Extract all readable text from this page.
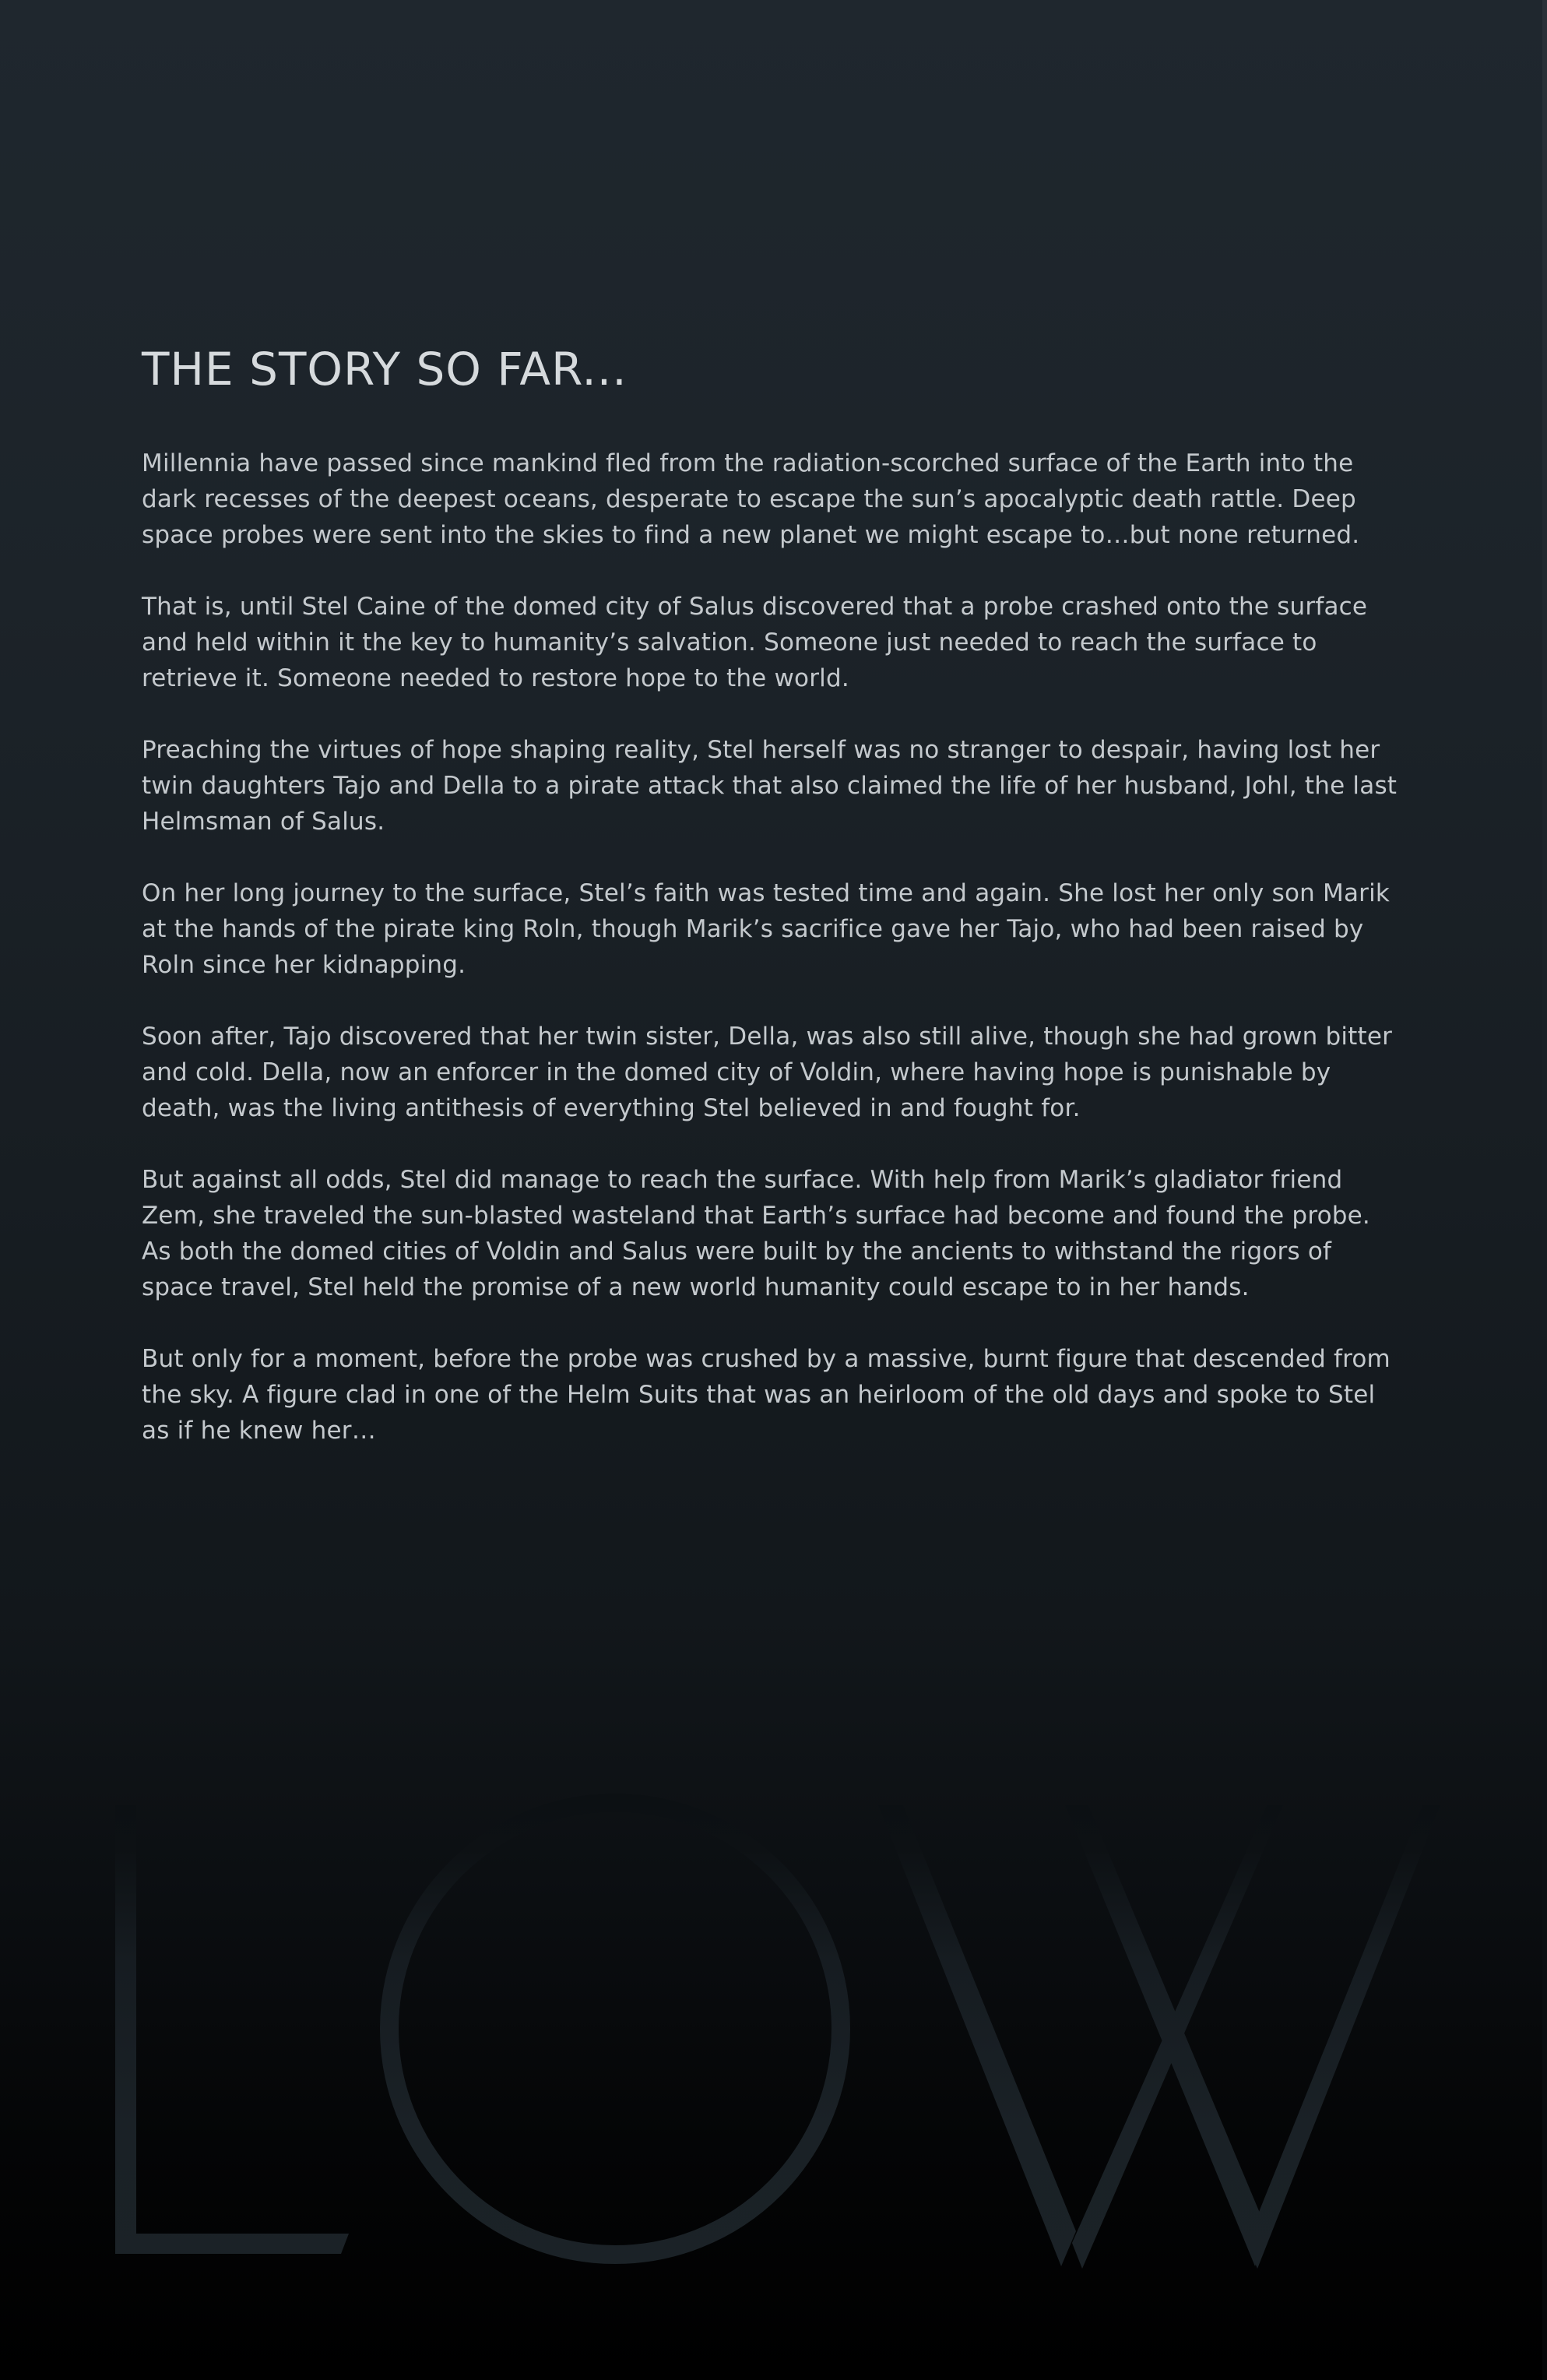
THE STORY SO FAR...

Millennia have passed since mankind fled from the radiation-scorched surface of the Earth into the dark recesses of the deepest oceans, desperate to escape the sun’s apocalyptic death rattle. Deep space probes were sent into the skies to find a new planet we might escape to…but none returned.

That is, until Stel Caine of the domed city of Salus discovered that a probe crashed onto the surface and held within it the key to humanity’s salvation. Someone just needed to reach the surface to retrieve it. Someone needed to restore hope to the world.

Preaching the virtues of hope shaping reality, Stel herself was no stranger to despair, having lost her twin daughters Tajo and Della to a pirate attack that also claimed the life of her husband, Johl, the last Helmsman of Salus.

On her long journey to the surface, Stel’s faith was tested time and again. She lost her only son Marik at the hands of the pirate king Roln, though Marik’s sacrifice gave her Tajo, who had been raised by Roln since her kidnapping.

Soon after, Tajo discovered that her twin sister, Della, was also still alive, though she had grown bitter and cold. Della, now an enforcer in the domed city of Voldin, where having hope is punishable by death, was the living antithesis of everything Stel believed in and fought for.

But against all odds, Stel did manage to reach the surface. With help from Marik’s gladiator friend Zem, she traveled the sun-blasted wasteland that Earth’s surface had become and found the probe. As both the domed cities of Voldin and Salus were built by the ancients to withstand the rigors of space travel, Stel held the promise of a new world humanity could escape to in her hands.

But only for a moment, before the probe was crushed by a massive, burnt figure that descended from the sky. A figure clad in one of the Helm Suits that was an heirloom of the old days and spoke to Stel as if he knew her…
